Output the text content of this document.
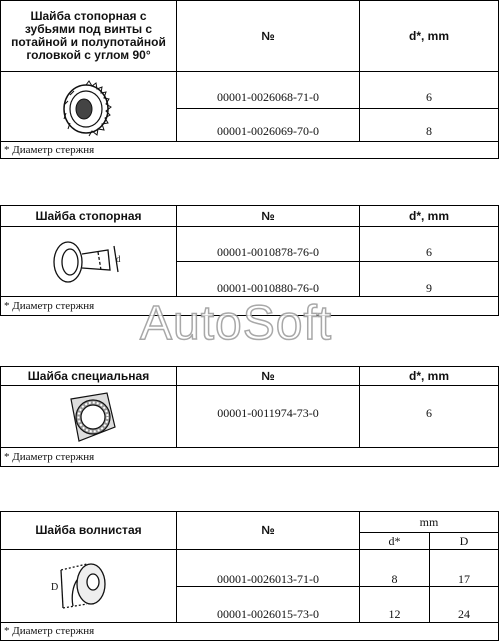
Шайба стопорная с зубьями под винты с потайной и полупотайной головкой с углом 90°
№	d*, mm
00001-0026068-71-0	6
00001-0026069-70-0	8
* Диаметр стержня
Шайба стопорная	№	d*, mm
d
00001-0010878-76-0	6
00001-0010880-76-0	9
* Диаметр стержня AutoSoft
Шайба специальная	№	d*, mm
00001-0011974-73-0	6
* Диаметр стержня
Шайба волнистая	№
mm
d*	D
D
00001-0026013-71-0	8	17
00001-0026015-73-0	12	24
* Диаметр стержня
